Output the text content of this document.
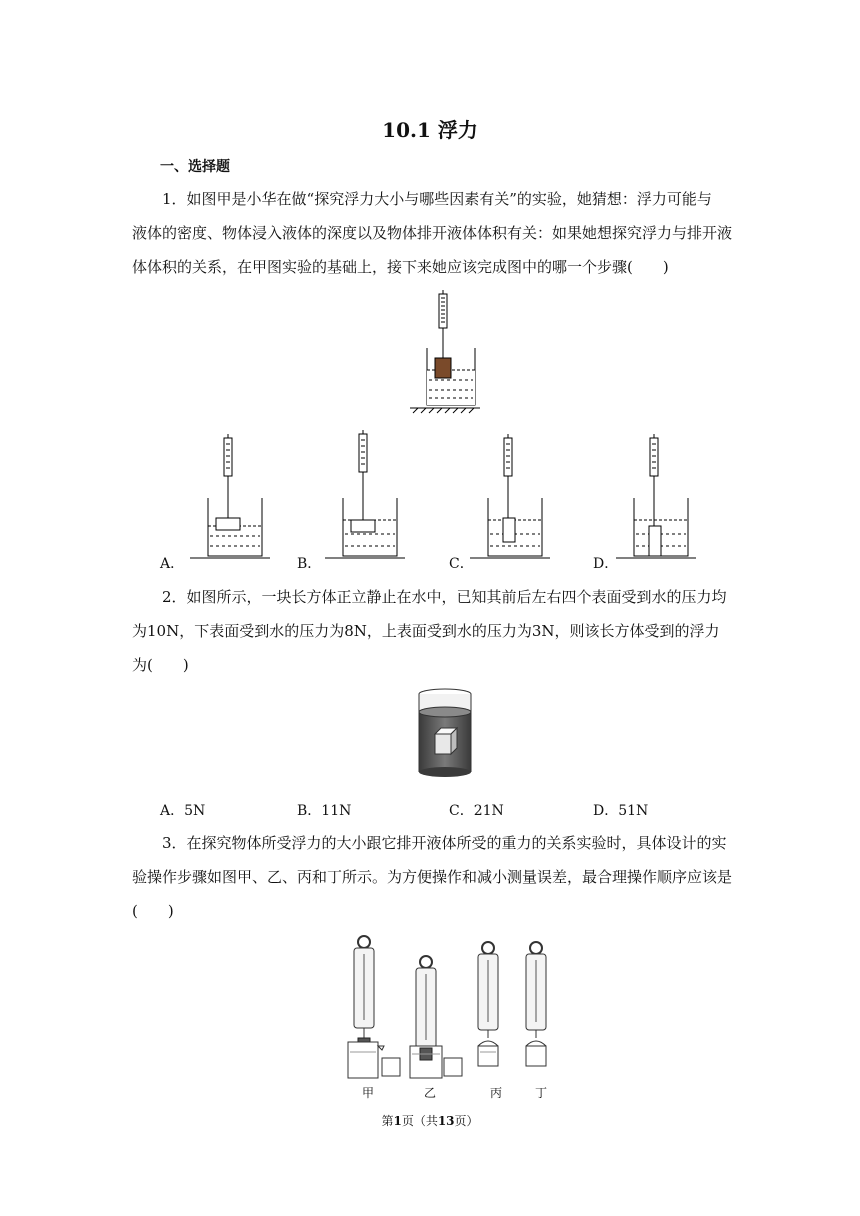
10.1 浮力
一、选择题
1．如图甲是小华在做“探究浮力大小与哪些因素有关”的实验，她猜想：浮力可能与
液体的密度、物体浸入液体的深度以及物体排开液体体积有关：如果她想探究浮力与排开液
体体积的关系，在甲图实验的基础上，接下来她应该完成图中的哪一个步骤(　　)
A．	B．	C．	D．
2．如图所示，一块长方体正立静止在水中，已知其前后左右四个表面受到水的压力均
为10N，下表面受到水的压力为8N，上表面受到水的压力为3N，则该长方体受到的浮力
为(　　)
A．5N	B．11N	C．21N	D．51N
3．在探究物体所受浮力的大小跟它排开液体所受的重力的关系实验时，具体设计的实
验操作步骤如图甲、乙、丙和丁所示。为方便操作和减小测量误差，最合理操作顺序应该是
(　　)
甲	乙	丙	丁
第1页（共13页）
